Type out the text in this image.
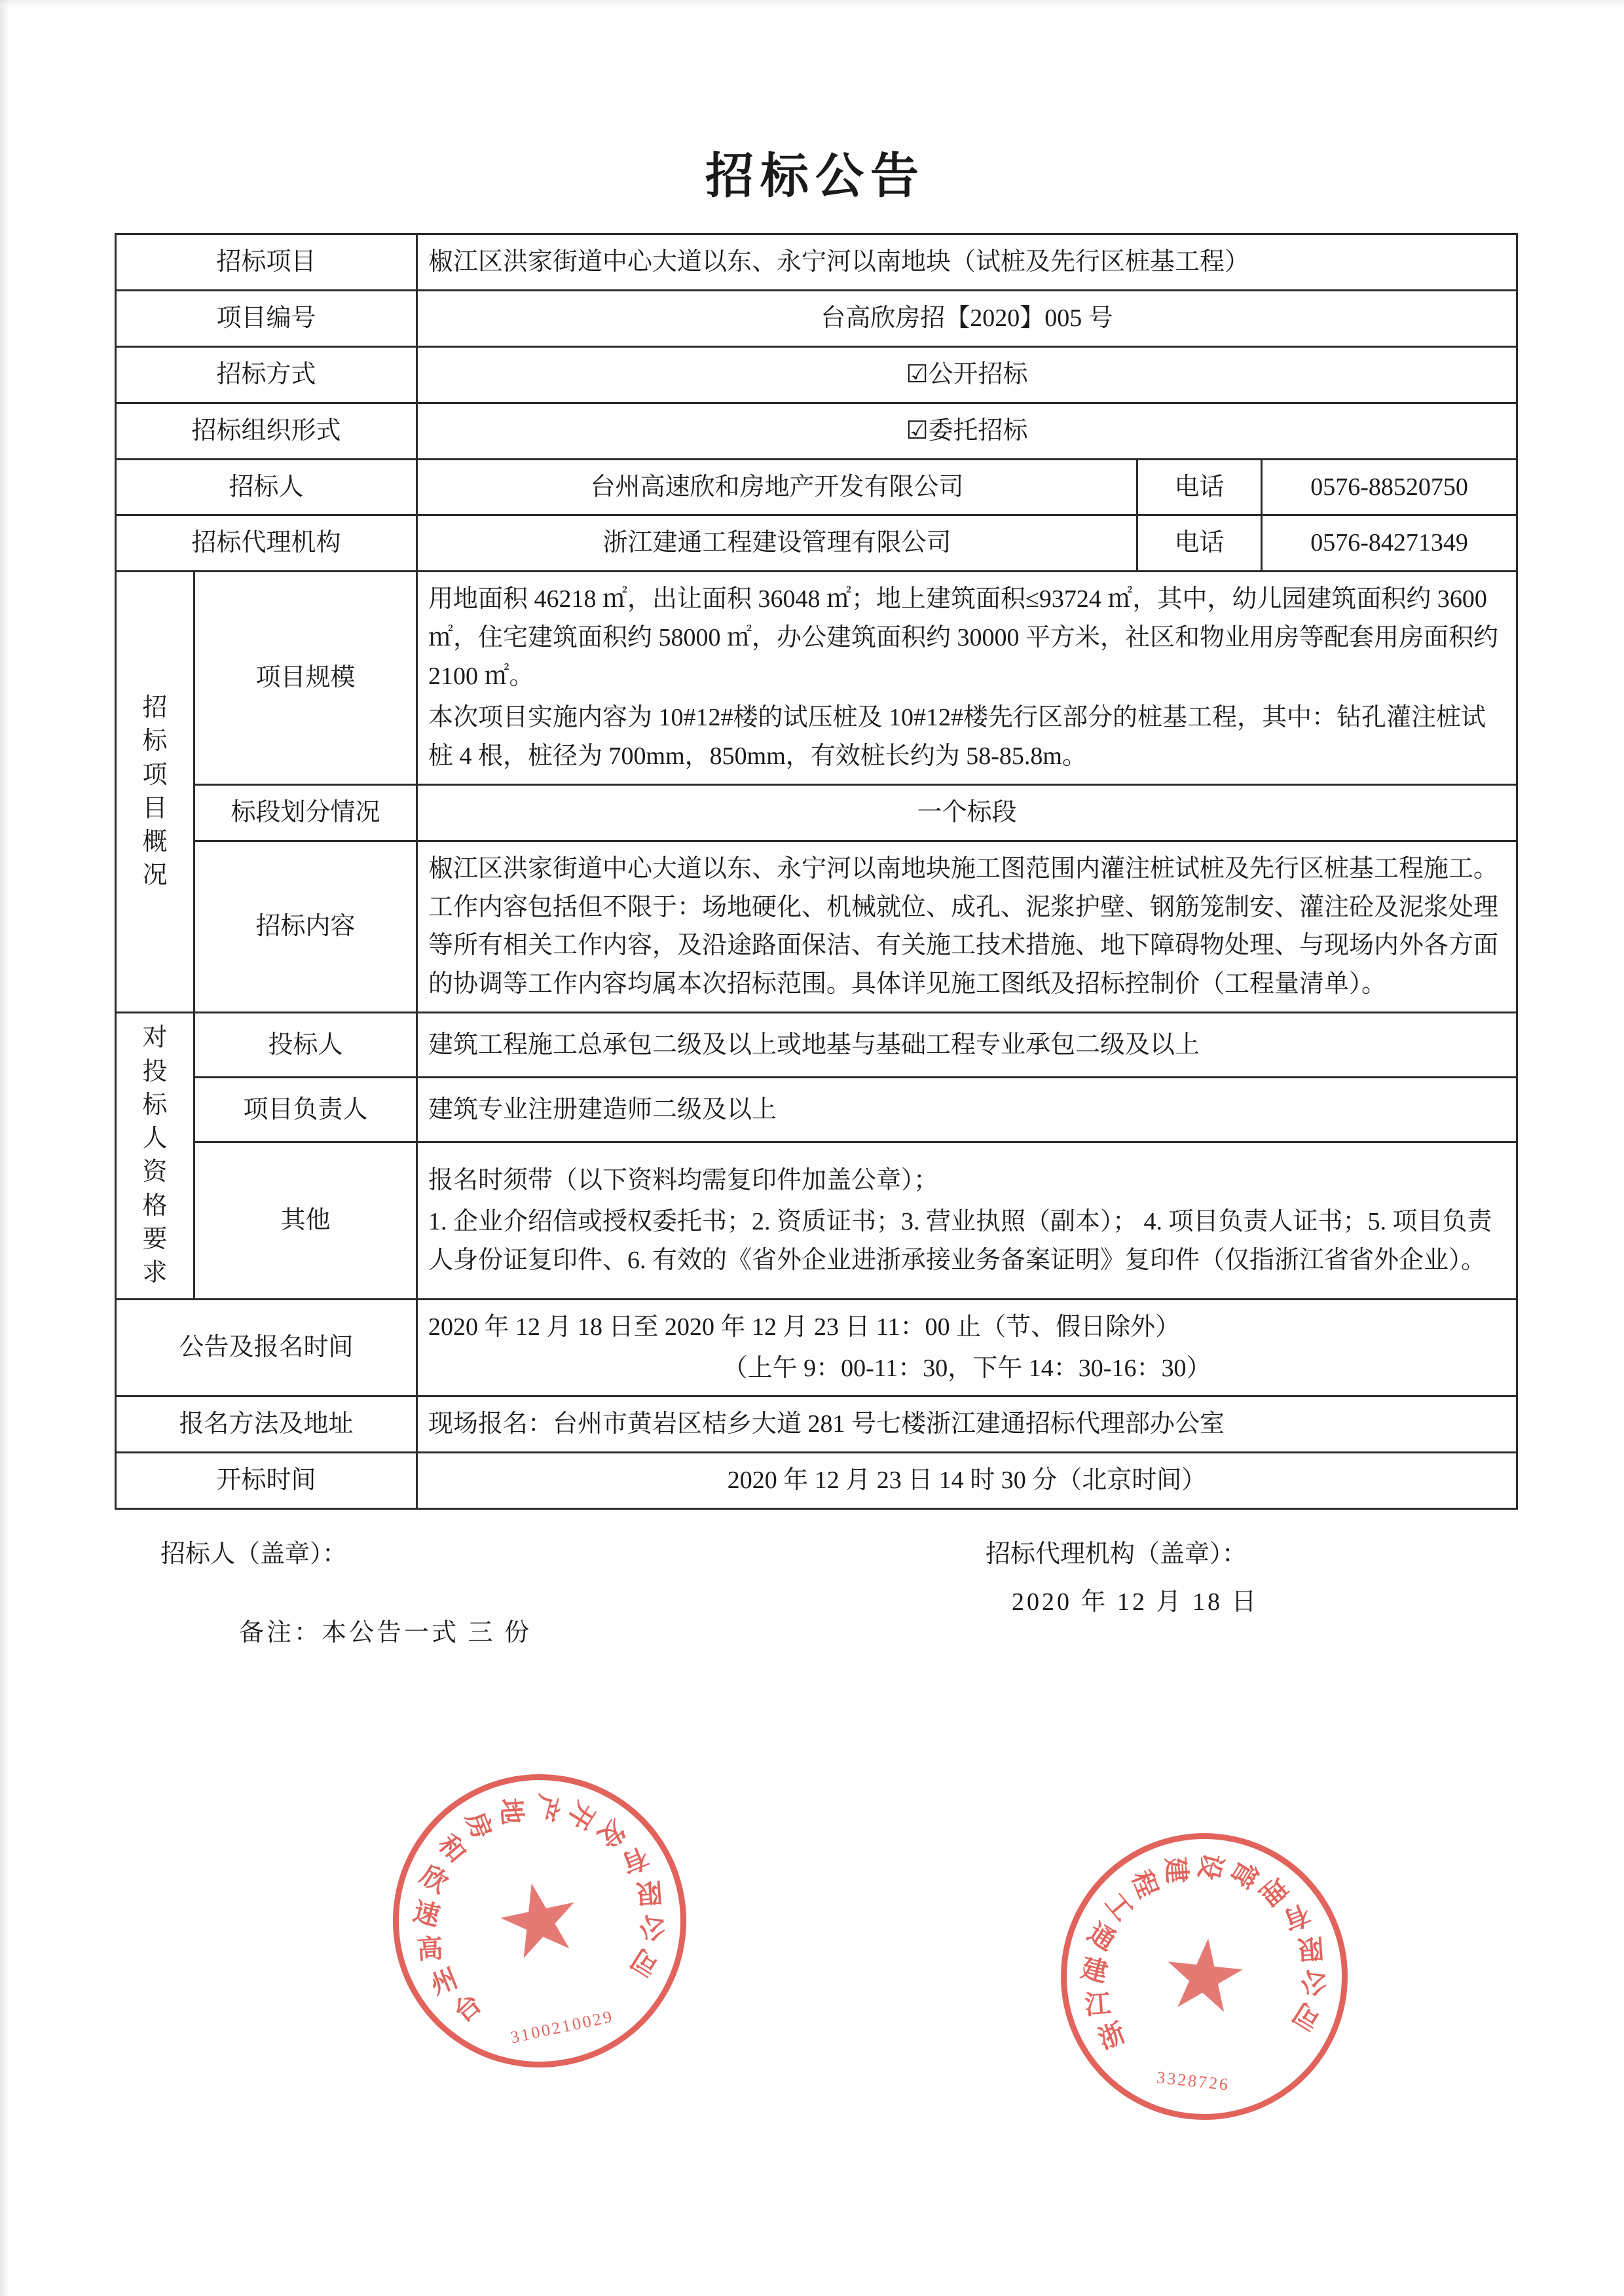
招标公告
招标项目		椒江区洪家街道中心大道以东、永宁河以南地块（试桩及先行区桩基工程）		
项目编号		台高欣房招【2020】005 号		
招标方式		☑公开招标		
招标组织形式		☑委托招标		
招标人		台州高速欣和房地产开发有限公司	电话	0576-88520750
招标代理机构		浙江建通工程建设管理有限公司	电话	0576-84271349

招标项目概况	项目规模	用地面积 46218 ㎡，出让面积 36048 ㎡；地上建筑面积≤93724 ㎡，其中，幼儿园建筑面积约 3600 ㎡，住宅建筑面积约 58000 ㎡，办公建筑面积约 30000 平方米，社区和物业用房等配套用房面积约 2100 ㎡。

本次项目实施内容为 10#12#楼的试压桩及 10#12#楼先行区部分的桩基工程，其中：钻孔灌注桩试桩 4 根，桩径为 700mm，850mm，有效桩长约为 58-85.8m。		

	标段划分情况	一个标段		
	招标内容	椒江区洪家街道中心大道以东、永宁河以南地块施工图范围内灌注桩试桩及先行区桩基工程施工。工作内容包括但不限于：场地硬化、机械就位、成孔、泥浆护壁、钢筋笼制安、灌注砼及泥浆处理等所有相关工作内容，及沿途路面保洁、有关施工技术措施、地下障碍物处理、与现场内外各方面的协调等工作内容均属本次招标范围。具体详见施工图纸及招标控制价（工程量清单）。		

对投标人资格要求	投标人	建筑工程施工总承包二级及以上或地基与基础工程专业承包二级及以上		
	项目负责人	建筑专业注册建造师二级及以上		
	其他	报名时须带（以下资料均需复印件加盖公章）；

1. 企业介绍信或授权委托书；2. 资质证书；3. 营业执照（副本）； 4. 项目负责人证书；5. 项目负责人身份证复印件、6. 有效的《省外企业进浙承接业务备案证明》复印件（仅指浙江省省外企业）。		

公告及报名时间		2020 年 12 月 18 日至 2020 年 12 月 23 日 11：00 止（节、假日除外）

（上午 9：00-11：30，下午 14：30-16：30）		

报名方法及地址		现场报名：台州市黄岩区桔乡大道 281 号七楼浙江建通招标代理部办公室		
开标时间		2020 年 12 月 23 日 14 时 30 分（北京时间）		
招标人（盖章）：	招标代理机构（盖章）：
2020 年 12 月 18 日
备注：本公告一式 三 份
台
州
高
速
欣
和
房
地 产
开
发
有
限
公
司
★
3100210029	浙
江
建
通
工
程
建 设
管
理
有
限
公
司
★
3328726
